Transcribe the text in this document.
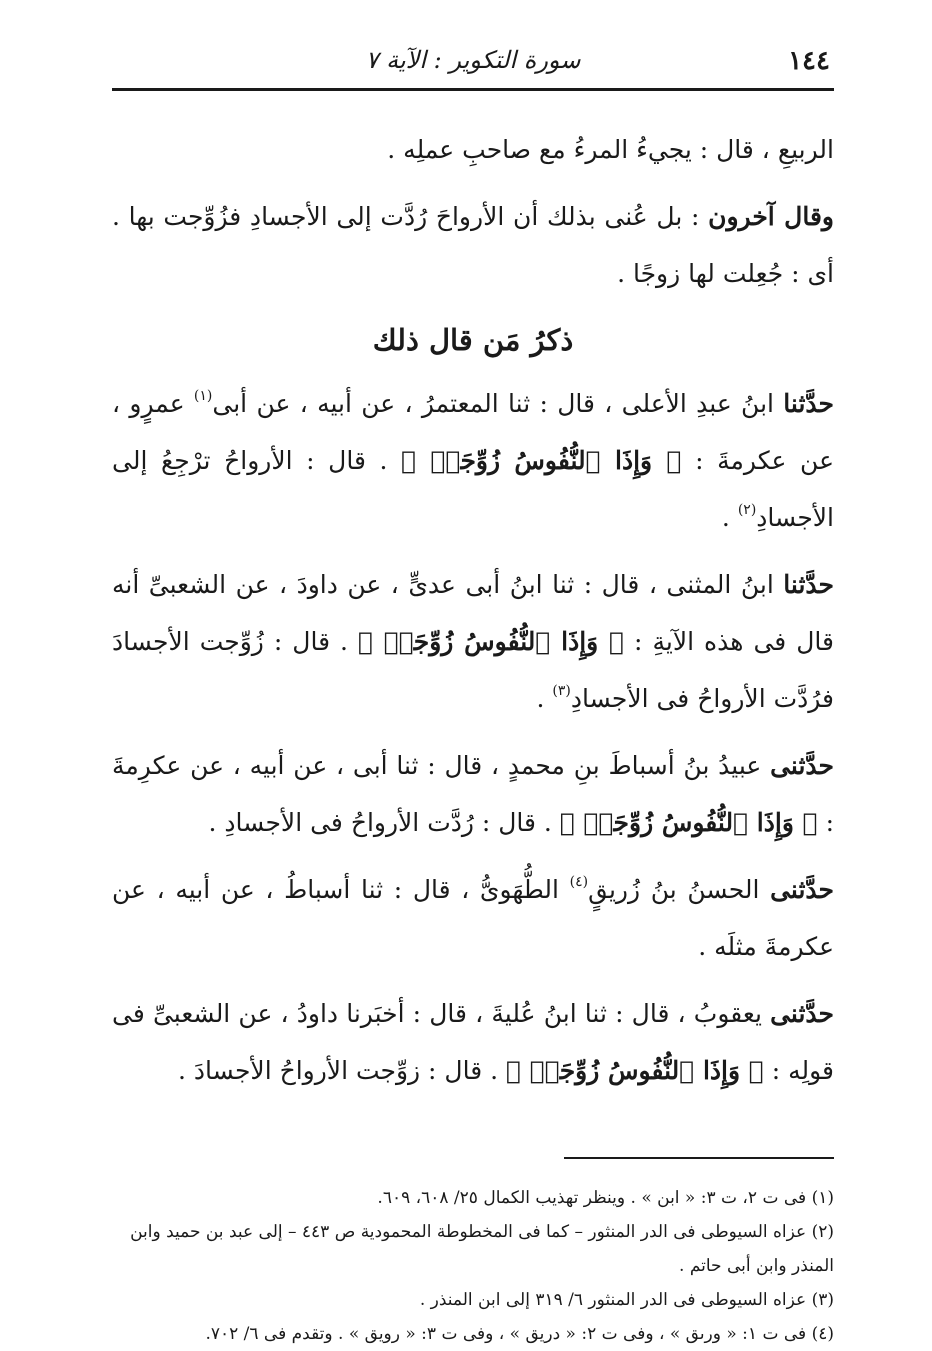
١٤٤
سورة التكوير : الآية ٧

الربيعِ ، قال : يجيءُ المرءُ مع صاحبِ عملِه .

وقال آخرون : بل عُنى بذلك أن الأرواحَ رُدَّت إلى الأجسادِ فزُوِّجت بها . أى : جُعِلت لها زوجًا .

ذكرُ مَن قال ذلك

حدَّثنا ابنُ عبدِ الأعلى ، قال : ثنا المعتمرُ ، عن أبيه ، عن أبى$^{(١)}$ عمرٍو ، عن عكرمةَ : ﴿ وَإِذَا ٱلنُّفُوسُ زُوِّجَتۡ ﴾ . قال : الأرواحُ ترْجِعُ إلى الأجسادِ$^{(٢)}$ .

حدَّثنا ابنُ المثنى ، قال : ثنا ابنُ أبى عدىٍّ ، عن داودَ ، عن الشعبىِّ أنه قال فى هذه الآيةِ : ﴿ وَإِذَا ٱلنُّفُوسُ زُوِّجَتۡ ﴾ . قال : زُوِّجت الأجسادَ فرُدَّت الأرواحُ فى الأجسادِ$^{(٣)}$ .

حدَّثنى عبيدُ بنُ أسباطَ بنِ محمدٍ ، قال : ثنا أبى ، عن أبيه ، عن عكرِمةَ : ﴿ وَإِذَا ٱلنُّفُوسُ زُوِّجَتۡ ﴾ . قال : رُدَّت الأرواحُ فى الأجسادِ .

حدَّثنى الحسنُ بنُ زُريقٍ$^{(٤)}$ الطُّهَوىُّ ، قال : ثنا أسباطُ ، عن أبيه ، عن عكرمةَ مثلَه .

حدَّثنى يعقوبُ ، قال : ثنا ابنُ عُليةَ ، قال : أخبَرنا داودُ ، عن الشعبىِّ فى قولِه : ﴿ وَإِذَا ٱلنُّفُوسُ زُوِّجَتۡ ﴾ . قال : زوِّجت الأرواحُ الأجسادَ .

(١) فى ت ٢، ت ٣: « ابن » . وينظر تهذيب الكمال ٢٥/ ٦٠٨، ٦٠٩.

(٢) عزاه السيوطى فى الدر المنثور – كما فى المخطوطة المحمودية ص ٤٤٣ – إلى عبد بن حميد وابن المنذر وابن أبى حاتم .

(٣) عزاه السيوطى فى الدر المنثور ٦/ ٣١٩ إلى ابن المنذر .

(٤) فى ت ١: « ورىق » ، وفى ت ٢: « دريق » ، وفى ت ٣: « رويق » . وتقدم فى ٦/ ٧٠٢.
